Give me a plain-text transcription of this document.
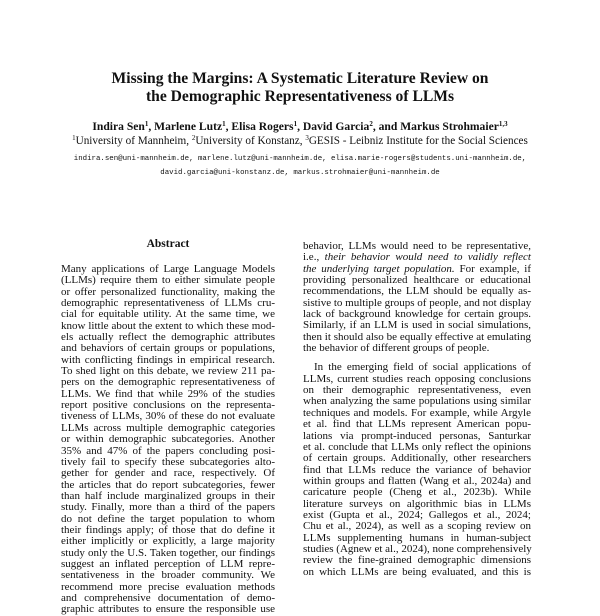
Missing the Margins: A Systematic Literature Review on
the Demographic Representativeness of LLMs
Indira Sen$^1$, Marlene Lutz$^1$, Elisa Rogers$^1$, David Garcia$^2$, and Markus Strohmaier$^{1,3}$
$^1$University of Mannheim, $^2$University of Konstanz, $^3$GESIS - Leibniz Institute for the Social Sciences
indira.sen@uni-mannheim.de, marlene.lutz@uni-mannheim.de, elisa.marie-rogers@students.uni-mannheim.de,
david.garcia@uni-konstanz.de, markus.strohmaier@uni-mannheim.de
Abstract
Many applications of Large Language Models
(LLMs) require them to either simulate people
or offer personalized functionality, making the
demographic representativeness of LLMs cru-
cial for equitable utility. At the same time, we
know little about the extent to which these mod-
els actually reflect the demographic attributes
and behaviors of certain groups or populations,
with conflicting findings in empirical research.
To shed light on this debate, we review 211 pa-
pers on the demographic representativeness of
LLMs. We find that while 29% of the studies
report positive conclusions on the representa-
tiveness of LLMs, 30% of these do not evaluate
LLMs across multiple demographic categories
or within demographic subcategories. Another
35% and 47% of the papers concluding posi-
tively fail to specify these subcategories alto-
gether for gender and race, respectively. Of
the articles that do report subcategories, fewer
than half include marginalized groups in their
study. Finally, more than a third of the papers
do not define the target population to whom
their findings apply; of those that do define it
either implicitly or explicitly, a large majority
study only the U.S. Taken together, our findings
suggest an inflated perception of LLM repre-
sentativeness in the broader community. We
recommend more precise evaluation methods
and comprehensive documentation of demo-
graphic attributes to ensure the responsible use
behavior, LLMs would need to be representative,
i.e., their behavior would need to validly reflect
the underlying target population. For example, if
providing personalized healthcare or educational
recommendations, the LLM should be equally as-
sistive to multiple groups of people, and not display
lack of background knowledge for certain groups.
Similarly, if an LLM is used in social simulations,
then it should also be equally effective at emulating
the behavior of different groups of people.
In the emerging field of social applications of
LLMs, current studies reach opposing conclusions
on their demographic representativeness, even
when analyzing the same populations using similar
techniques and models. For example, while Argyle
et al. find that LLMs represent American popu-
lations via prompt-induced personas, Santurkar
et al. conclude that LLMs only reflect the opinions
of certain groups. Additionally, other researchers
find that LLMs reduce the variance of behavior
within groups and flatten (Wang et al., 2024a) and
caricature people (Cheng et al., 2023b). While
literature surveys on algorithmic bias in LLMs
exist (Gupta et al., 2024; Gallegos et al., 2024;
Chu et al., 2024), as well as a scoping review on
LLMs supplementing humans in human-subject
studies (Agnew et al., 2024), none comprehensively
review the fine-grained demographic dimensions
on which LLMs are being evaluated, and this is
